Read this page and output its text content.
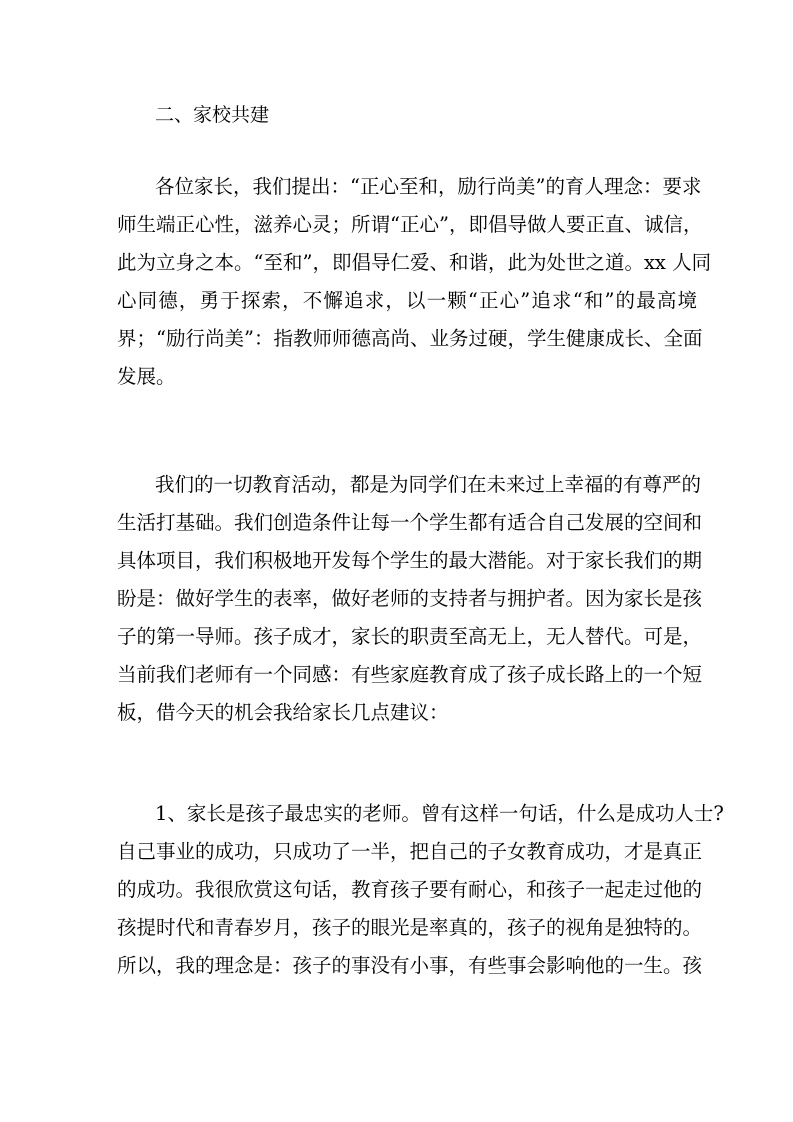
二、家校共建
各位家长，我们提出：“正心至和，励行尚美”的育人理念：要求
师生端正心性，滋养心灵；所谓“正心”，即倡导做人要正直、诚信，
此为立身之本。“至和”，即倡导仁爱、和谐，此为处世之道。xx 人同
心同德，勇于探索，不懈追求，以一颗“正心”追求“和”的最高境
界；“励行尚美”：指教师师德高尚、业务过硬，学生健康成长、全面
发展。
我们的一切教育活动，都是为同学们在未来过上幸福的有尊严的
生活打基础。我们创造条件让每一个学生都有适合自己发展的空间和
具体项目，我们积极地开发每个学生的最大潜能。对于家长我们的期
盼是：做好学生的表率，做好老师的支持者与拥护者。因为家长是孩
子的第一导师。孩子成才，家长的职责至高无上，无人替代。可是，
当前我们老师有一个同感：有些家庭教育成了孩子成长路上的一个短
板，借今天的机会我给家长几点建议：
1、家长是孩子最忠实的老师。曾有这样一句话，什么是成功人士?
自己事业的成功，只成功了一半，把自己的子女教育成功，才是真正
的成功。我很欣赏这句话，教育孩子要有耐心，和孩子一起走过他的
孩提时代和青春岁月，孩子的眼光是率真的，孩子的视角是独特的。
所以，我的理念是：孩子的事没有小事，有些事会影响他的一生。孩
